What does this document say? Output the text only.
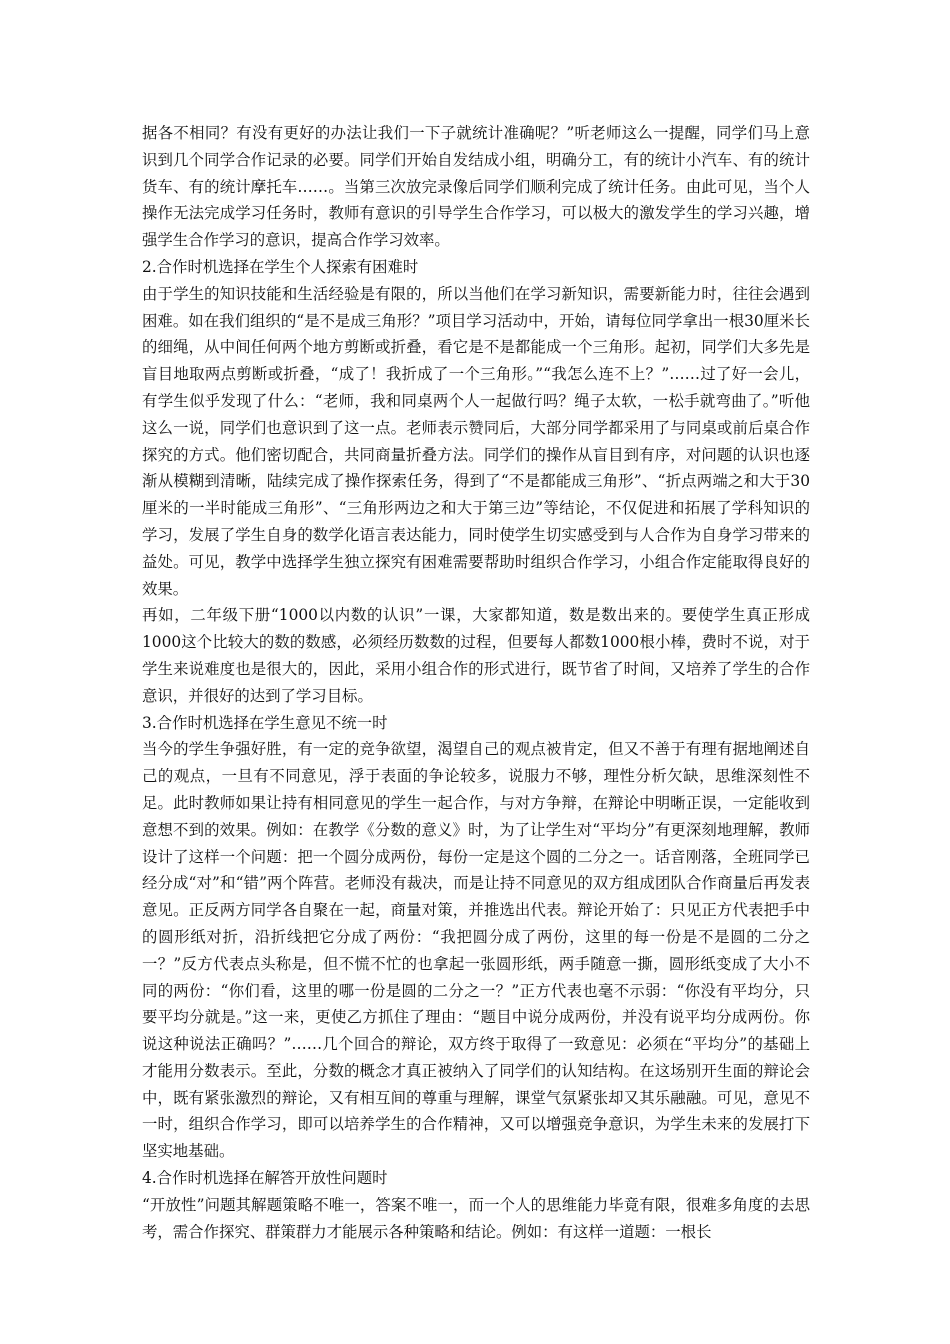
据各不相同？有没有更好的办法让我们一下子就统计准确呢？”听老师这么一提醒，同学们马上意识到几个同学合作记录的必要。同学们开始自发结成小组，明确分工，有的统计小汽车、有的统计货车、有的统计摩托车……。当第三次放完录像后同学们顺利完成了统计任务。由此可见，当个人操作无法完成学习任务时，教师有意识的引导学生合作学习，可以极大的激发学生的学习兴趣，增强学生合作学习的意识，提高合作学习效率。

2.合作时机选择在学生个人探索有困难时

由于学生的知识技能和生活经验是有限的，所以当他们在学习新知识，需要新能力时，往往会遇到困难。如在我们组织的“是不是成三角形？”项目学习活动中，开始，请每位同学拿出一根30厘米长的细绳，从中间任何两个地方剪断或折叠，看它是不是都能成一个三角形。起初，同学们大多先是盲目地取两点剪断或折叠，“成了！我折成了一个三角形。”“我怎么连不上？”……过了好一会儿，有学生似乎发现了什么：“老师，我和同桌两个人一起做行吗？绳子太软，一松手就弯曲了。”听他这么一说，同学们也意识到了这一点。老师表示赞同后，大部分同学都采用了与同桌或前后桌合作探究的方式。他们密切配合，共同商量折叠方法。同学们的操作从盲目到有序，对问题的认识也逐渐从模糊到清晰，陆续完成了操作探索任务，得到了“不是都能成三角形”、“折点两端之和大于30厘米的一半时能成三角形”、“三角形两边之和大于第三边”等结论，不仅促进和拓展了学科知识的学习，发展了学生自身的数学化语言表达能力，同时使学生切实感受到与人合作为自身学习带来的益处。可见，教学中选择学生独立探究有困难需要帮助时组织合作学习，小组合作定能取得良好的效果。

再如，二年级下册“1000以内数的认识”一课，大家都知道，数是数出来的。要使学生真正形成1000这个比较大的数的数感，必须经历数数的过程，但要每人都数1000根小棒，费时不说，对于学生来说难度也是很大的，因此，采用小组合作的形式进行，既节省了时间，又培养了学生的合作意识，并很好的达到了学习目标。

3.合作时机选择在学生意见不统一时

当今的学生争强好胜，有一定的竞争欲望，渴望自己的观点被肯定，但又不善于有理有据地阐述自己的观点，一旦有不同意见，浮于表面的争论较多，说服力不够，理性分析欠缺，思维深刻性不足。此时教师如果让持有相同意见的学生一起合作，与对方争辩，在辩论中明晰正误，一定能收到意想不到的效果。例如：在教学《分数的意义》时，为了让学生对“平均分”有更深刻地理解，教师设计了这样一个问题：把一个圆分成两份，每份一定是这个圆的二分之一。话音刚落，全班同学已经分成“对”和“错”两个阵营。老师没有裁决，而是让持不同意见的双方组成团队合作商量后再发表意见。正反两方同学各自聚在一起，商量对策，并推选出代表。辩论开始了：只见正方代表把手中的圆形纸对折，沿折线把它分成了两份：“我把圆分成了两份，这里的每一份是不是圆的二分之一？”反方代表点头称是，但不慌不忙的也拿起一张圆形纸，两手随意一撕，圆形纸变成了大小不同的两份：“你们看，这里的哪一份是圆的二分之一？”正方代表也毫不示弱：“你没有平均分，只要平均分就是。”这一来，更使乙方抓住了理由：“题目中说分成两份，并没有说平均分成两份。你说这种说法正确吗？”……几个回合的辩论，双方终于取得了一致意见：必须在“平均分”的基础上才能用分数表示。至此，分数的概念才真正被纳入了同学们的认知结构。在这场别开生面的辩论会中，既有紧张激烈的辩论，又有相互间的尊重与理解，课堂气氛紧张却又其乐融融。可见，意见不一时，组织合作学习，即可以培养学生的合作精神，又可以增强竞争意识，为学生未来的发展打下坚实地基础。

4.合作时机选择在解答开放性问题时

“开放性”问题其解题策略不唯一，答案不唯一，而一个人的思维能力毕竟有限，很难多角度的去思考，需合作探究、群策群力才能展示各种策略和结论。例如：有这样一道题：一根长
